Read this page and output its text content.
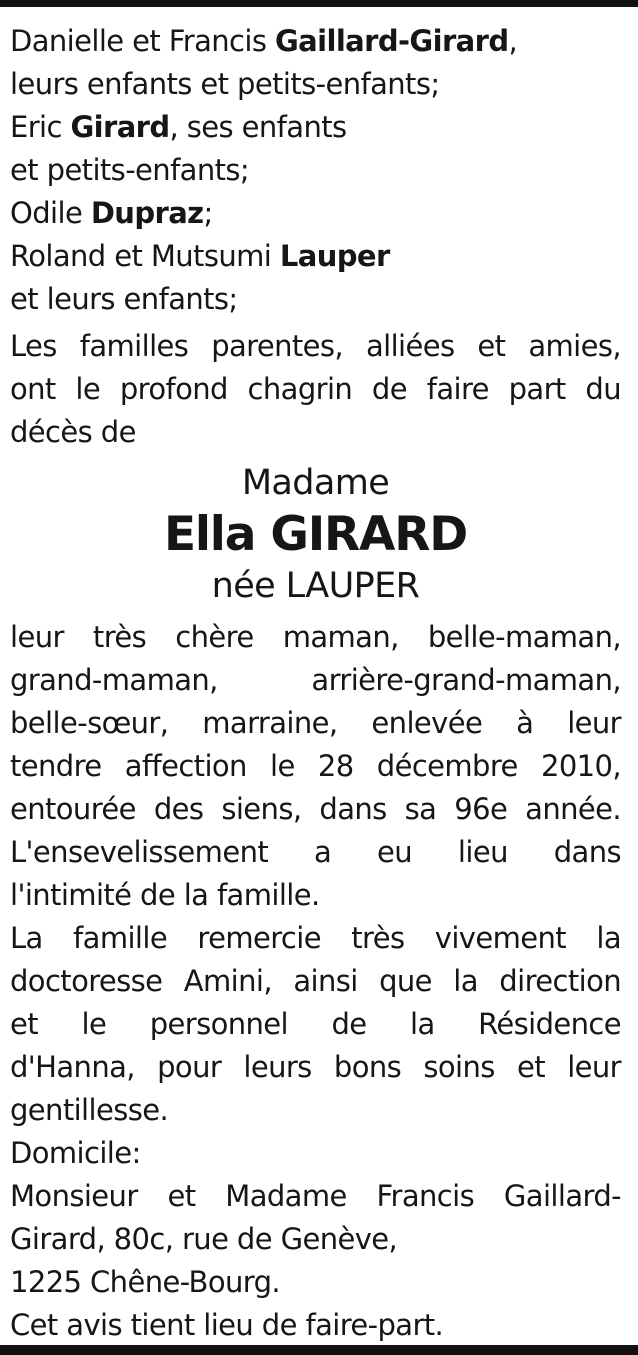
Danielle et Francis Gaillard-Girard,
leurs enfants et petits-enfants;
Eric Girard, ses enfants
et petits-enfants;
Odile Dupraz;
Roland et Mutsumi Lauper
et leurs enfants;
Les familles parentes, alliées et amies,
ont le profond chagrin de faire part du
décès de
Madame
Ella GIRARD
née LAUPER
leur très chère maman, belle-maman,
grand-maman, arrière-grand-maman,
belle-sœur, marraine, enlevée à leur
tendre affection le 28 décembre 2010,
entourée des siens, dans sa 96e année.
L'ensevelissement a eu lieu dans
l'intimité de la famille.
La famille remercie très vivement la
doctoresse Amini, ainsi que la direction
et le personnel de la Résidence
d'Hanna, pour leurs bons soins et leur
gentillesse.
Domicile:
Monsieur et Madame Francis Gaillard-
Girard, 80c, rue de Genève,
1225 Chêne-Bourg.
Cet avis tient lieu de faire-part.
